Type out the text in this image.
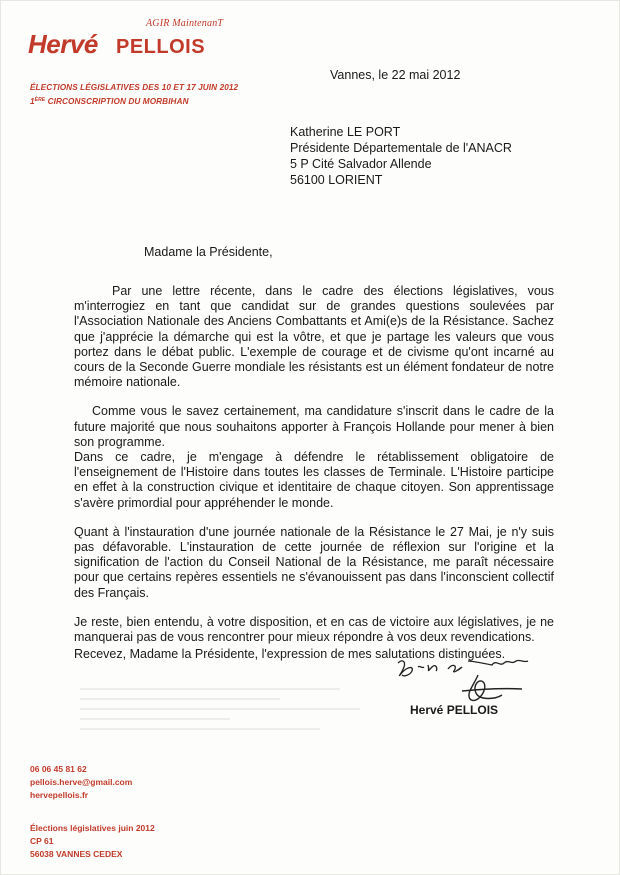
AGIR MaintenanT
Hervé PELLOIS
ÉLECTIONS LÉGISLATIVES DES 10 ET 17 JUIN 2012
1ÈRE CIRCONSCRIPTION DU MORBIHAN
Vannes, le 22 mai 2012
Katherine LE PORT
Présidente Départementale de l'ANACR
5 P Cité Salvador Allende
56100 LORIENT
Madame la Présidente,

Par une lettre récente, dans le cadre des élections législatives, vous m'interrogiez en tant que candidat sur de grandes questions soulevées par l'Association Nationale des Anciens Combattants et Ami(e)s de la Résistance. Sachez que j'apprécie la démarche qui est la vôtre, et que je partage les valeurs que vous portez dans le débat public. L'exemple de courage et de civisme qu'ont incarné au cours de la Seconde Guerre mondiale les résistants est un élément fondateur de notre mémoire nationale.

Comme vous le savez certainement, ma candidature s'inscrit dans le cadre de la future majorité que nous souhaitons apporter à François Hollande pour mener à bien son programme.

Dans ce cadre, je m'engage à défendre le rétablissement obligatoire de l'enseignement de l'Histoire dans toutes les classes de Terminale. L'Histoire participe en effet à la construction civique et identitaire de chaque citoyen. Son apprentissage s'avère primordial pour appréhender le monde.

Quant à l'instauration d'une journée nationale de la Résistance le 27 Mai, je n'y suis pas défavorable. L'instauration de cette journée de réflexion sur l'origine et la signification de l'action du Conseil National de la Résistance, me paraît nécessaire pour que certains repères essentiels ne s'évanouissent pas dans l'inconscient collectif des Français.

Je reste, bien entendu, à votre disposition, et en cas de victoire aux législatives, je ne manquerai pas de vous rencontrer pour mieux répondre à vos deux revendications.

Recevez, Madame la Présidente, l'expression de mes salutations distinguées.
Hervé PELLOIS
06 06 45 81 62
pellois.herve@gmail.com
hervepellois.fr
Élections législatives juin 2012
CP 61
56038 VANNES CEDEX
